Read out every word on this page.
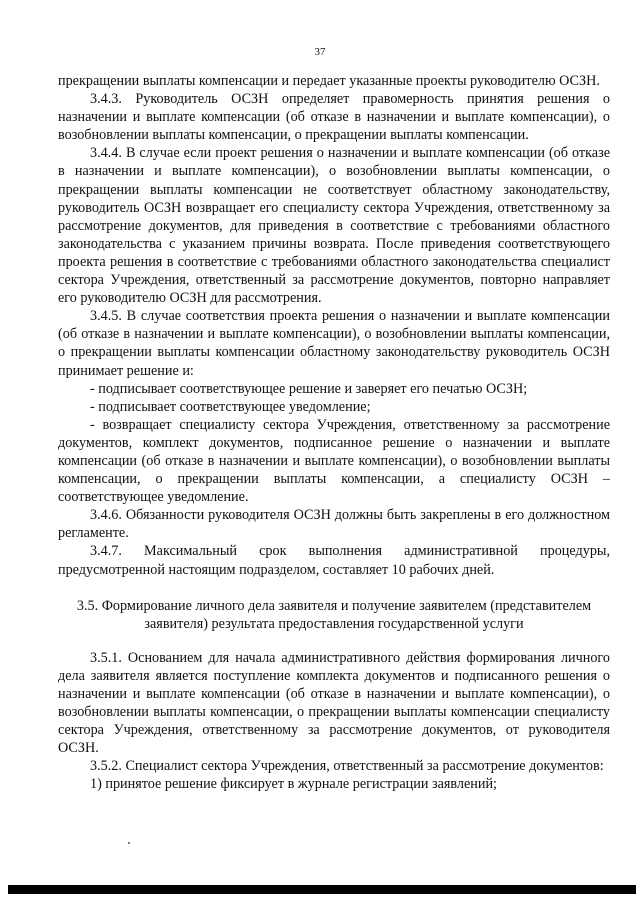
37

прекращении выплаты компенсации и передает указанные проекты руководителю ОСЗН.

3.4.3. Руководитель ОСЗН определяет правомерность принятия решения о назначении и выплате компенсации (об отказе в назначении и выплате компенсации), о возобновлении выплаты компенсации, о прекращении выплаты компенсации.

3.4.4. В случае если проект решения о назначении и выплате компенсации (об отказе в назначении и выплате компенсации), о возобновлении выплаты компенсации, о прекращении выплаты компенсации не соответствует областному законодательству, руководитель ОСЗН возвращает его специалисту сектора Учреждения, ответственному за рассмотрение документов, для приведения в соответствие с требованиями областного законодательства с указанием причины возврата. После приведения соответствующего проекта решения в соответствие с требованиями областного законодательства специалист сектора Учреждения, ответственный за рассмотрение документов, повторно направляет его руководителю ОСЗН для рассмотрения.

3.4.5. В случае соответствия проекта решения о назначении и выплате компенсации (об отказе в назначении и выплате компенсации), о возобновлении выплаты компенсации, о прекращении выплаты компенсации областному законодательству руководитель ОСЗН принимает решение и:

- подписывает соответствующее решение и заверяет его печатью ОСЗН;

- подписывает соответствующее уведомление;

- возвращает специалисту сектора Учреждения, ответственному за рассмотрение документов, комплект документов, подписанное решение о назначении и выплате компенсации (об отказе в назначении и выплате компенсации), о возобновлении выплаты компенсации, о прекращении выплаты компенсации, а специалисту ОСЗН – соответствующее уведомление.

3.4.6. Обязанности руководителя ОСЗН должны быть закреплены в его должностном регламенте.

3.4.7. Максимальный срок выполнения административной процедуры, предусмотренной настоящим подразделом, составляет 10 рабочих дней.

3.5. Формирование личного дела заявителя и получение заявителем (представителем заявителя) результата предоставления государственной услуги

3.5.1. Основанием для начала административного действия формирования личного дела заявителя является поступление комплекта документов и подписанного решения о назначении и выплате компенсации (об отказе в назначении и выплате компенсации), о возобновлении выплаты компенсации, о прекращении выплаты компенсации специалисту сектора Учреждения, ответственному за рассмотрение документов, от руководителя ОСЗН.

3.5.2. Специалист сектора Учреждения, ответственный за рассмотрение документов:

1) принятое решение фиксирует в журнале регистрации заявлений;
